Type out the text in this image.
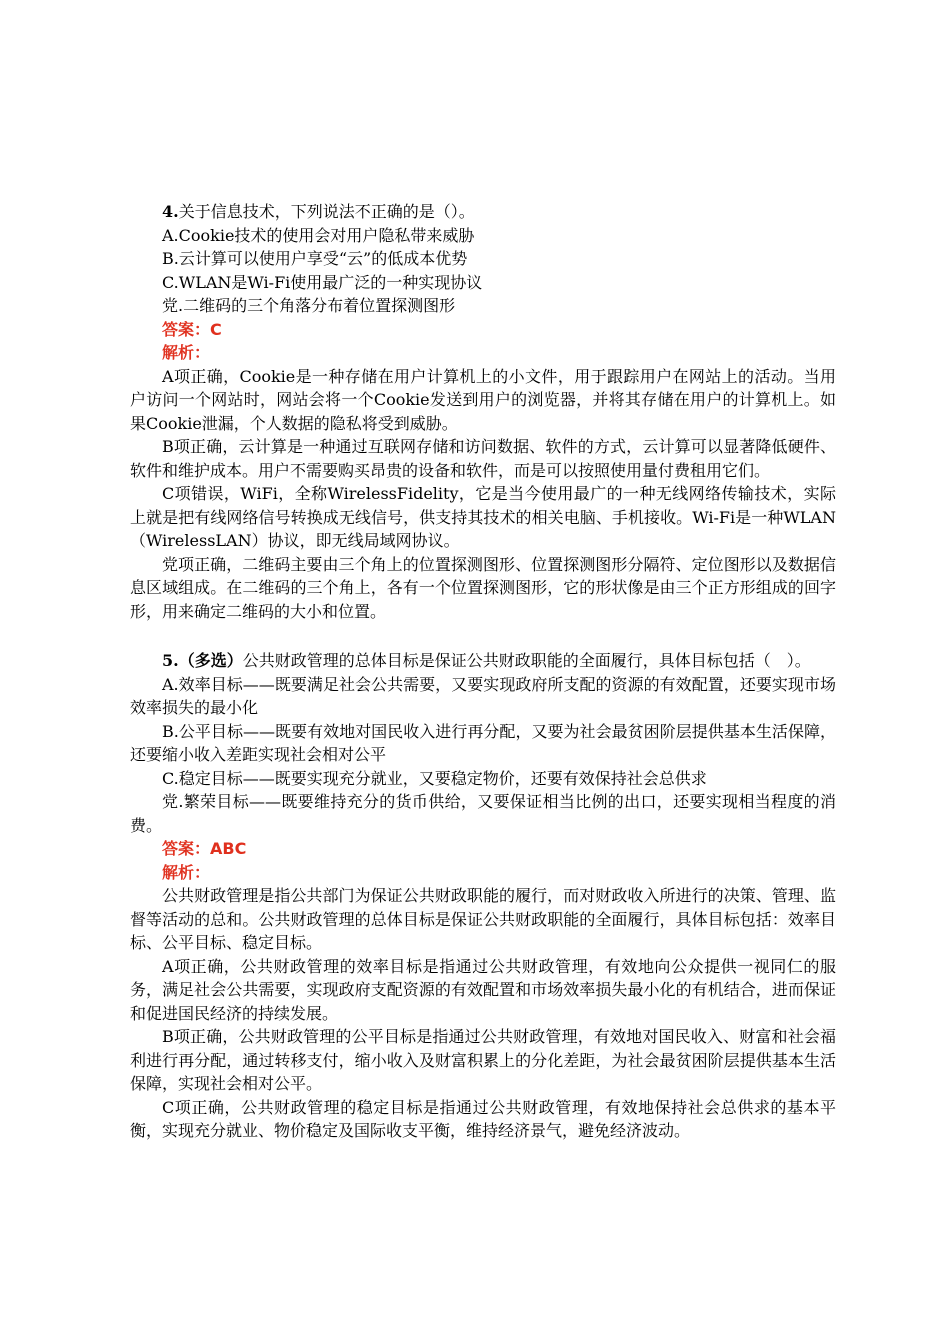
4.关于信息技术，下列说法不正确的是（）。

A.Cookie技术的使用会对用户隐私带来威胁

B.云计算可以使用户享受“云”的低成本优势

C.WLAN是Wi-Fi使用最广泛的一种实现协议

党.二维码的三个角落分布着位置探测图形

答案：C

解析：

A项正确，Cookie是一种存储在用户计算机上的小文件，用于跟踪用户在网站上的活动。当用户访问一个网站时，网站会将一个Cookie发送到用户的浏览器，并将其存储在用户的计算机上。如果Cookie泄漏，个人数据的隐私将受到威胁。

B项正确，云计算是一种通过互联网存储和访问数据、软件的方式，云计算可以显著降低硬件、软件和维护成本。用户不需要购买昂贵的设备和软件，而是可以按照使用量付费租用它们。

C项错误，WiFi，全称WirelessFidelity，它是当今使用最广的一种无线网络传输技术，实际上就是把有线网络信号转换成无线信号，供支持其技术的相关电脑、手机接收。Wi-Fi是一种WLAN（WirelessLAN）协议，即无线局域网协议。

党项正确，二维码主要由三个角上的位置探测图形、位置探测图形分隔符、定位图形以及数据信息区域组成。在二维码的三个角上，各有一个位置探测图形，它的形状像是由三个正方形组成的回字形，用来确定二维码的大小和位置。

5.（多选）公共财政管理的总体目标是保证公共财政职能的全面履行，具体目标包括（　）。

A.效率目标——既要满足社会公共需要，又要实现政府所支配的资源的有效配置，还要实现市场效率损失的最小化

B.公平目标——既要有效地对国民收入进行再分配，又要为社会最贫困阶层提供基本生活保障，还要缩小收入差距实现社会相对公平

C.稳定目标——既要实现充分就业，又要稳定物价，还要有效保持社会总供求

党.繁荣目标——既要维持充分的货币供给，又要保证相当比例的出口，还要实现相当程度的消费。

答案：ABC

解析：

公共财政管理是指公共部门为保证公共财政职能的履行，而对财政收入所进行的决策、管理、监督等活动的总和。公共财政管理的总体目标是保证公共财政职能的全面履行，具体目标包括：效率目标、公平目标、稳定目标。

A项正确，公共财政管理的效率目标是指通过公共财政管理，有效地向公众提供一视同仁的服务，满足社会公共需要，实现政府支配资源的有效配置和市场效率损失最小化的有机结合，进而保证和促进国民经济的持续发展。

B项正确，公共财政管理的公平目标是指通过公共财政管理，有效地对国民收入、财富和社会福利进行再分配，通过转移支付，缩小收入及财富积累上的分化差距，为社会最贫困阶层提供基本生活保障，实现社会相对公平。

C项正确，公共财政管理的稳定目标是指通过公共财政管理，有效地保持社会总供求的基本平衡，实现充分就业、物价稳定及国际收支平衡，维持经济景气，避免经济波动。
